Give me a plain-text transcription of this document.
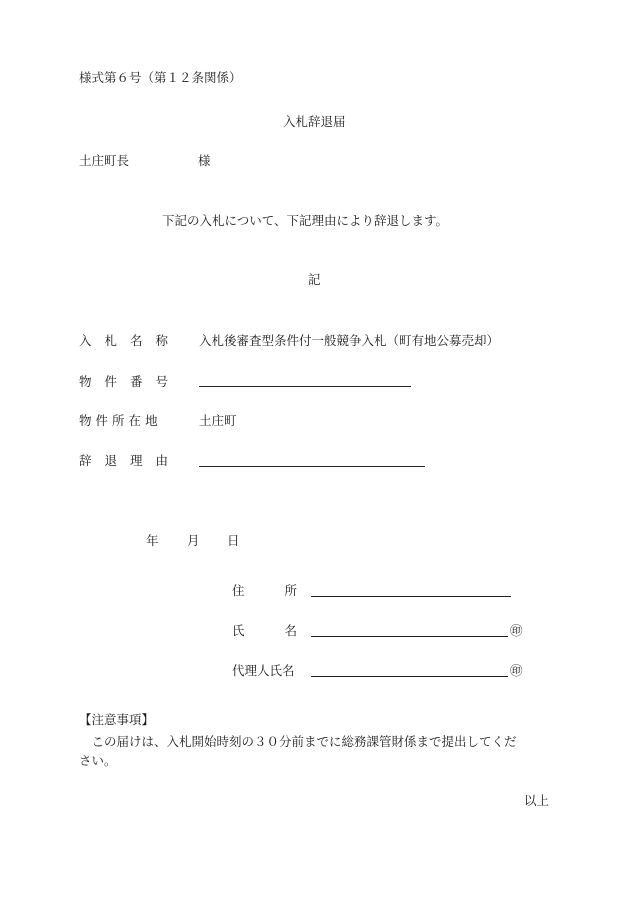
様式第６号（第１２条関係）
入札辞退届
土庄町長	様
下記の入札について、下記理由により辞退します。
記
入 札 名 称 入札後審査型条件付一般競争入札（町有地公募売却）
物 件 番 号
物 件 所 在 地	土庄町
辞 退 理 由
年 月 日
住	所
氏	名	㊞
代理人氏名	㊞
【注意事項】
　この届けは、入札開始時刻の３０分前までに総務課管財係まで提出してくだ
さい。
以上
